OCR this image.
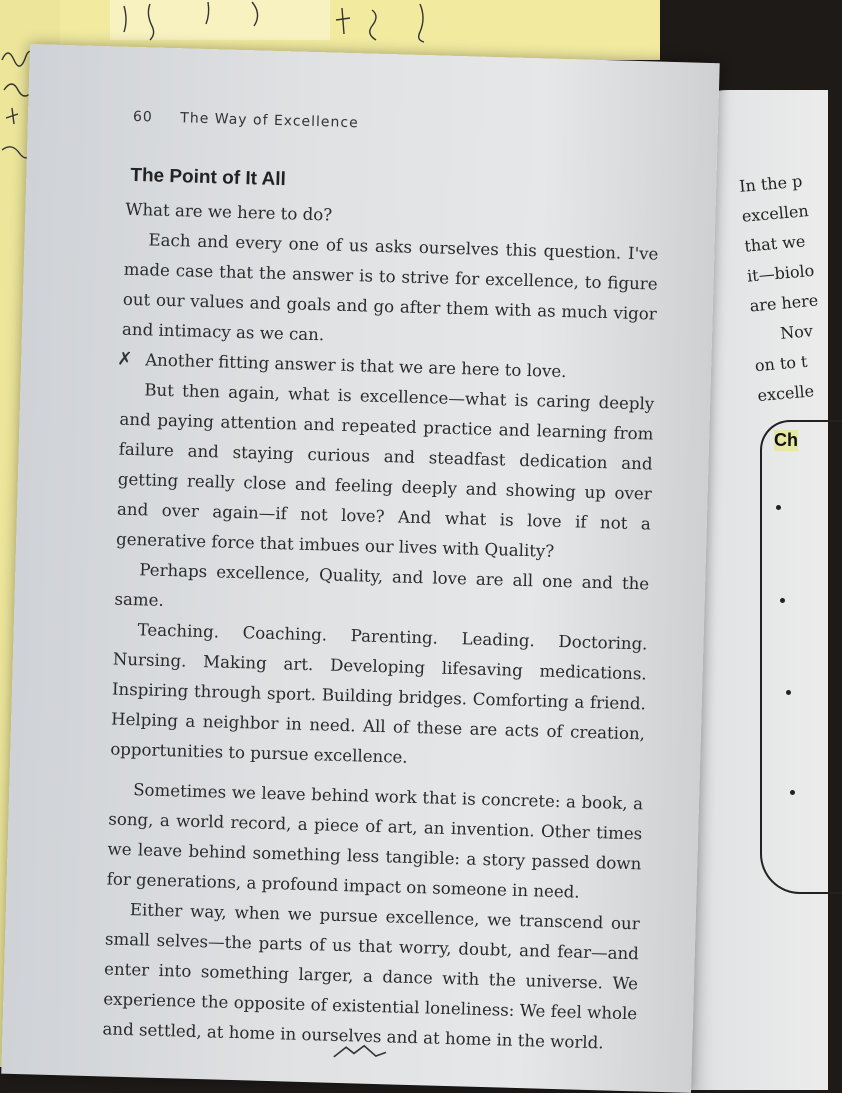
In the p
excellen
that we
it—biolo
are here
Nov
on to t
excelle
Ch
60 The Way of Excellence
The Point of It All
✗

What are we here to do?

Each and every one of us asks ourselves this question. I've made case that the answer is to strive for excellence, to figure out our values and goals and go after them with as much vigor and intimacy as we can.

Another fitting answer is that we are here to love.

But then again, what is excellence—what is caring deeply and paying attention and repeated practice and learning from failure and staying curious and steadfast dedication and getting really close and feeling deeply and showing up over and over again—if not love? And what is love if not a generative force that imbues our lives with Quality?

Perhaps excellence, Quality, and love are all one and the same.

Teaching. Coaching. Parenting. Leading. Doctoring. Nursing. Making art. Developing lifesaving medications. Inspiring through sport. Building bridges. Comforting a friend. Helping a neighbor in need. All of these are acts of creation, opportunities to pursue excellence.

Sometimes we leave behind work that is concrete: a book, a song, a world record, a piece of art, an invention. Other times we leave behind something less tangible: a story passed down for generations, a profound impact on someone in need.

Either way, when we pursue excellence, we transcend our small selves—the parts of us that worry, doubt, and fear—and enter into something larger, a dance with the universe. We experience the opposite of existential loneliness: We feel whole and settled, at home in ourselves and at home in the world.
